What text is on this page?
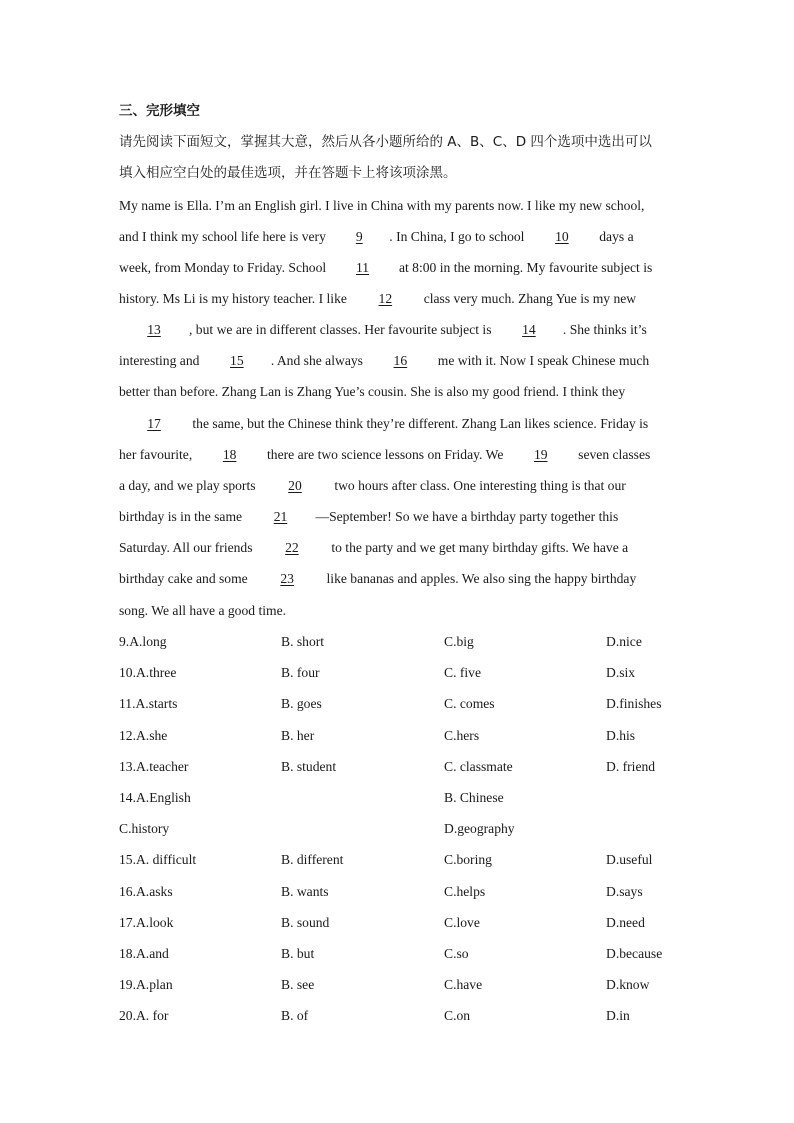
三、完形填空
请先阅读下面短文，掌握其大意，然后从各小题所给的 A、B、C、D 四个选项中选出可以
填入相应空白处的最佳选项，并在答题卡上将该项涂黑。
My name is Ella. I’m an English girl. I live in China with my parents now. I like my new school,
and I think my school life here is very 9 . In China, I go to school 10 days a
week, from Monday to Friday. School 11 at 8:00 in the morning. My favourite subject is
history. Ms Li is my history teacher. I like 12 class very much. Zhang Yue is my new
13 , but we are in different classes. Her favourite subject is 14 . She thinks it’s
interesting and 15 . And she always 16 me with it. Now I speak Chinese much
better than before. Zhang Lan is Zhang Yue’s cousin. She is also my good friend. I think they
17 the same, but the Chinese think they’re different. Zhang Lan likes science. Friday is
her favourite, 18 there are two science lessons on Friday. We 19 seven classes
a day, and we play sports 20 two hours after class. One interesting thing is that our
birthday is in the same 21 —September! So we have a birthday party together this
Saturday. All our friends 22 to the party and we get many birthday gifts. We have a
birthday cake and some 23 like bananas and apples. We also sing the happy birthday
song. We all have a good time.
9.A.long	B. short	C.big	D.nice
10.A.three	B. four	C. five	D.six
11.A.starts	B. goes	C. comes	D.finishes
12.A.she	B. her	C.hers	D.his
13.A.teacher	B. student	C. classmate	D. friend
14.A.English	B. Chinese
C.history	D.geography
15.A. difficult	B. different	C.boring	D.useful
16.A.asks	B. wants	C.helps	D.says
17.A.look	B. sound	C.love	D.need
18.A.and	B. but	C.so	D.because
19.A.plan	B. see	C.have	D.know
20.A. for	B. of	C.on	D.in
